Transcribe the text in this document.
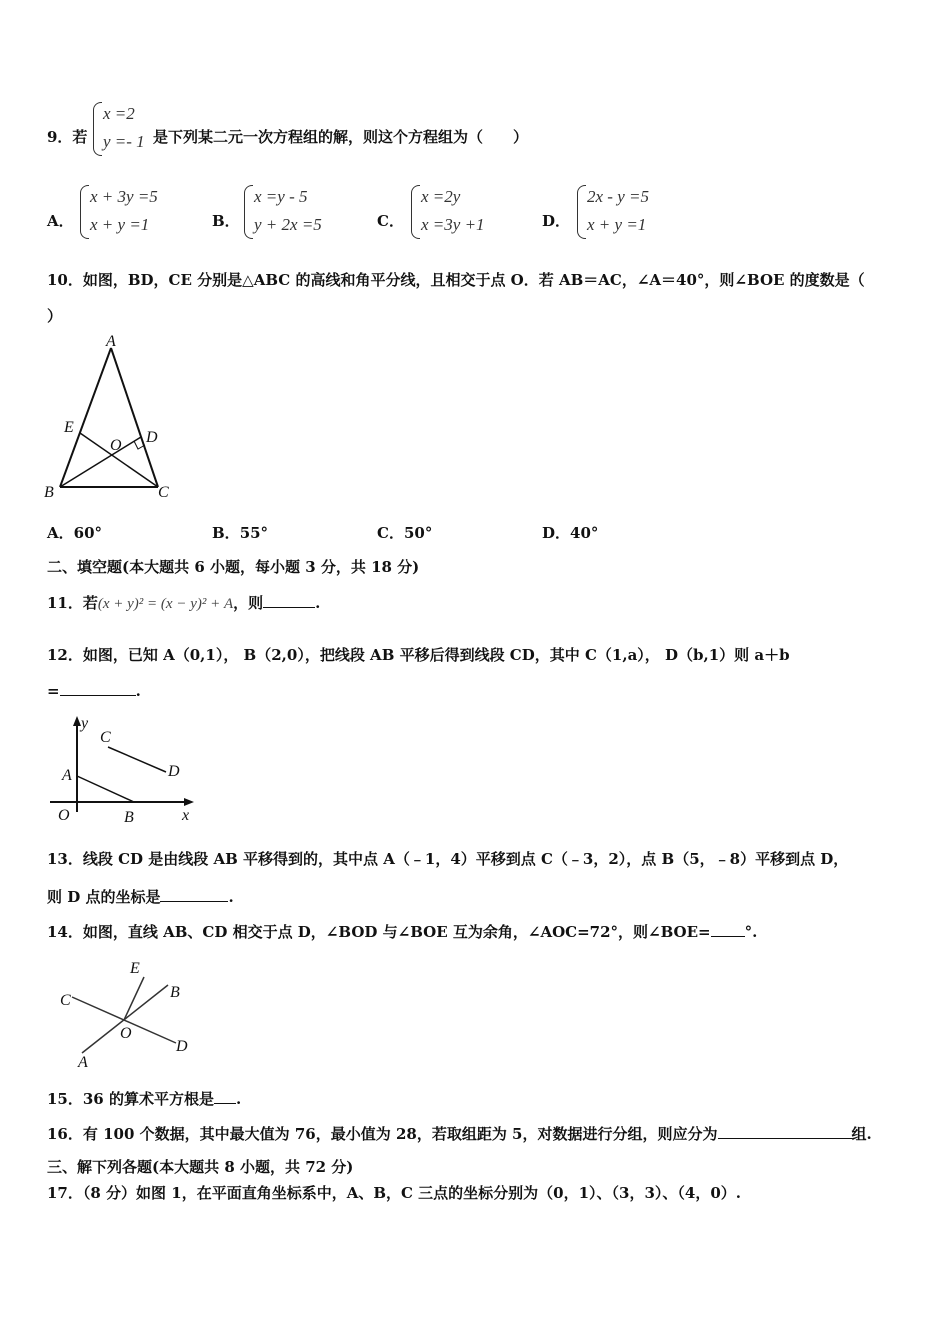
9．若
x =2
y =- 1 是下列某二元一次方程组的解，则这个方程组为（　　）
A．
x + 3y =5
x + y =1	B．
x =y - 5
y + 2x =5	C．
x =2y
x =3y +1	D．
2x - y =5
x + y =1
10．如图，BD，CE 分别是△ABC 的高线和角平分线，且相交于点 O．若 AB＝AC，∠A＝40°，则∠BOE 的度数是（
）
A
B	C
D
E
O
A．60°	B．55°	C．50°	D．40°
二、填空题(本大题共 6 小题，每小题 3 分，共 18 分)
11．若(x + y)² = (x − y)² + A，则	.
12．如图，已知 A（0,1）， B（2,0），把线段 AB 平移后得到线段 CD，其中 C（1,a）， D（b,1）则 a＋b
=	.
y
x
O
A
B
C
D
13．线段 CD 是由线段 AB 平移得到的，其中点 A（﹣1，4）平移到点 C（﹣3，2），点 B（5，﹣8）平移到点 D，
则 D 点的坐标是	.
14．如图，直线 AB、CD 相交于点 D，∠BOD 与∠BOE 互为余角，∠AOC=72°，则∠BOE= °.
E
B
C
O
A
D
15．36 的算术平方根是 .
16．有 100 个数据，其中最大值为 76，最小值为 28，若取组距为 5，对数据进行分组，则应分为	组.
三、解下列各题(本大题共 8 小题，共 72 分)
17．（8 分）如图 1，在平面直角坐标系中，A、B，C 三点的坐标分别为（0，1）、（3，3）、（4，0）.
